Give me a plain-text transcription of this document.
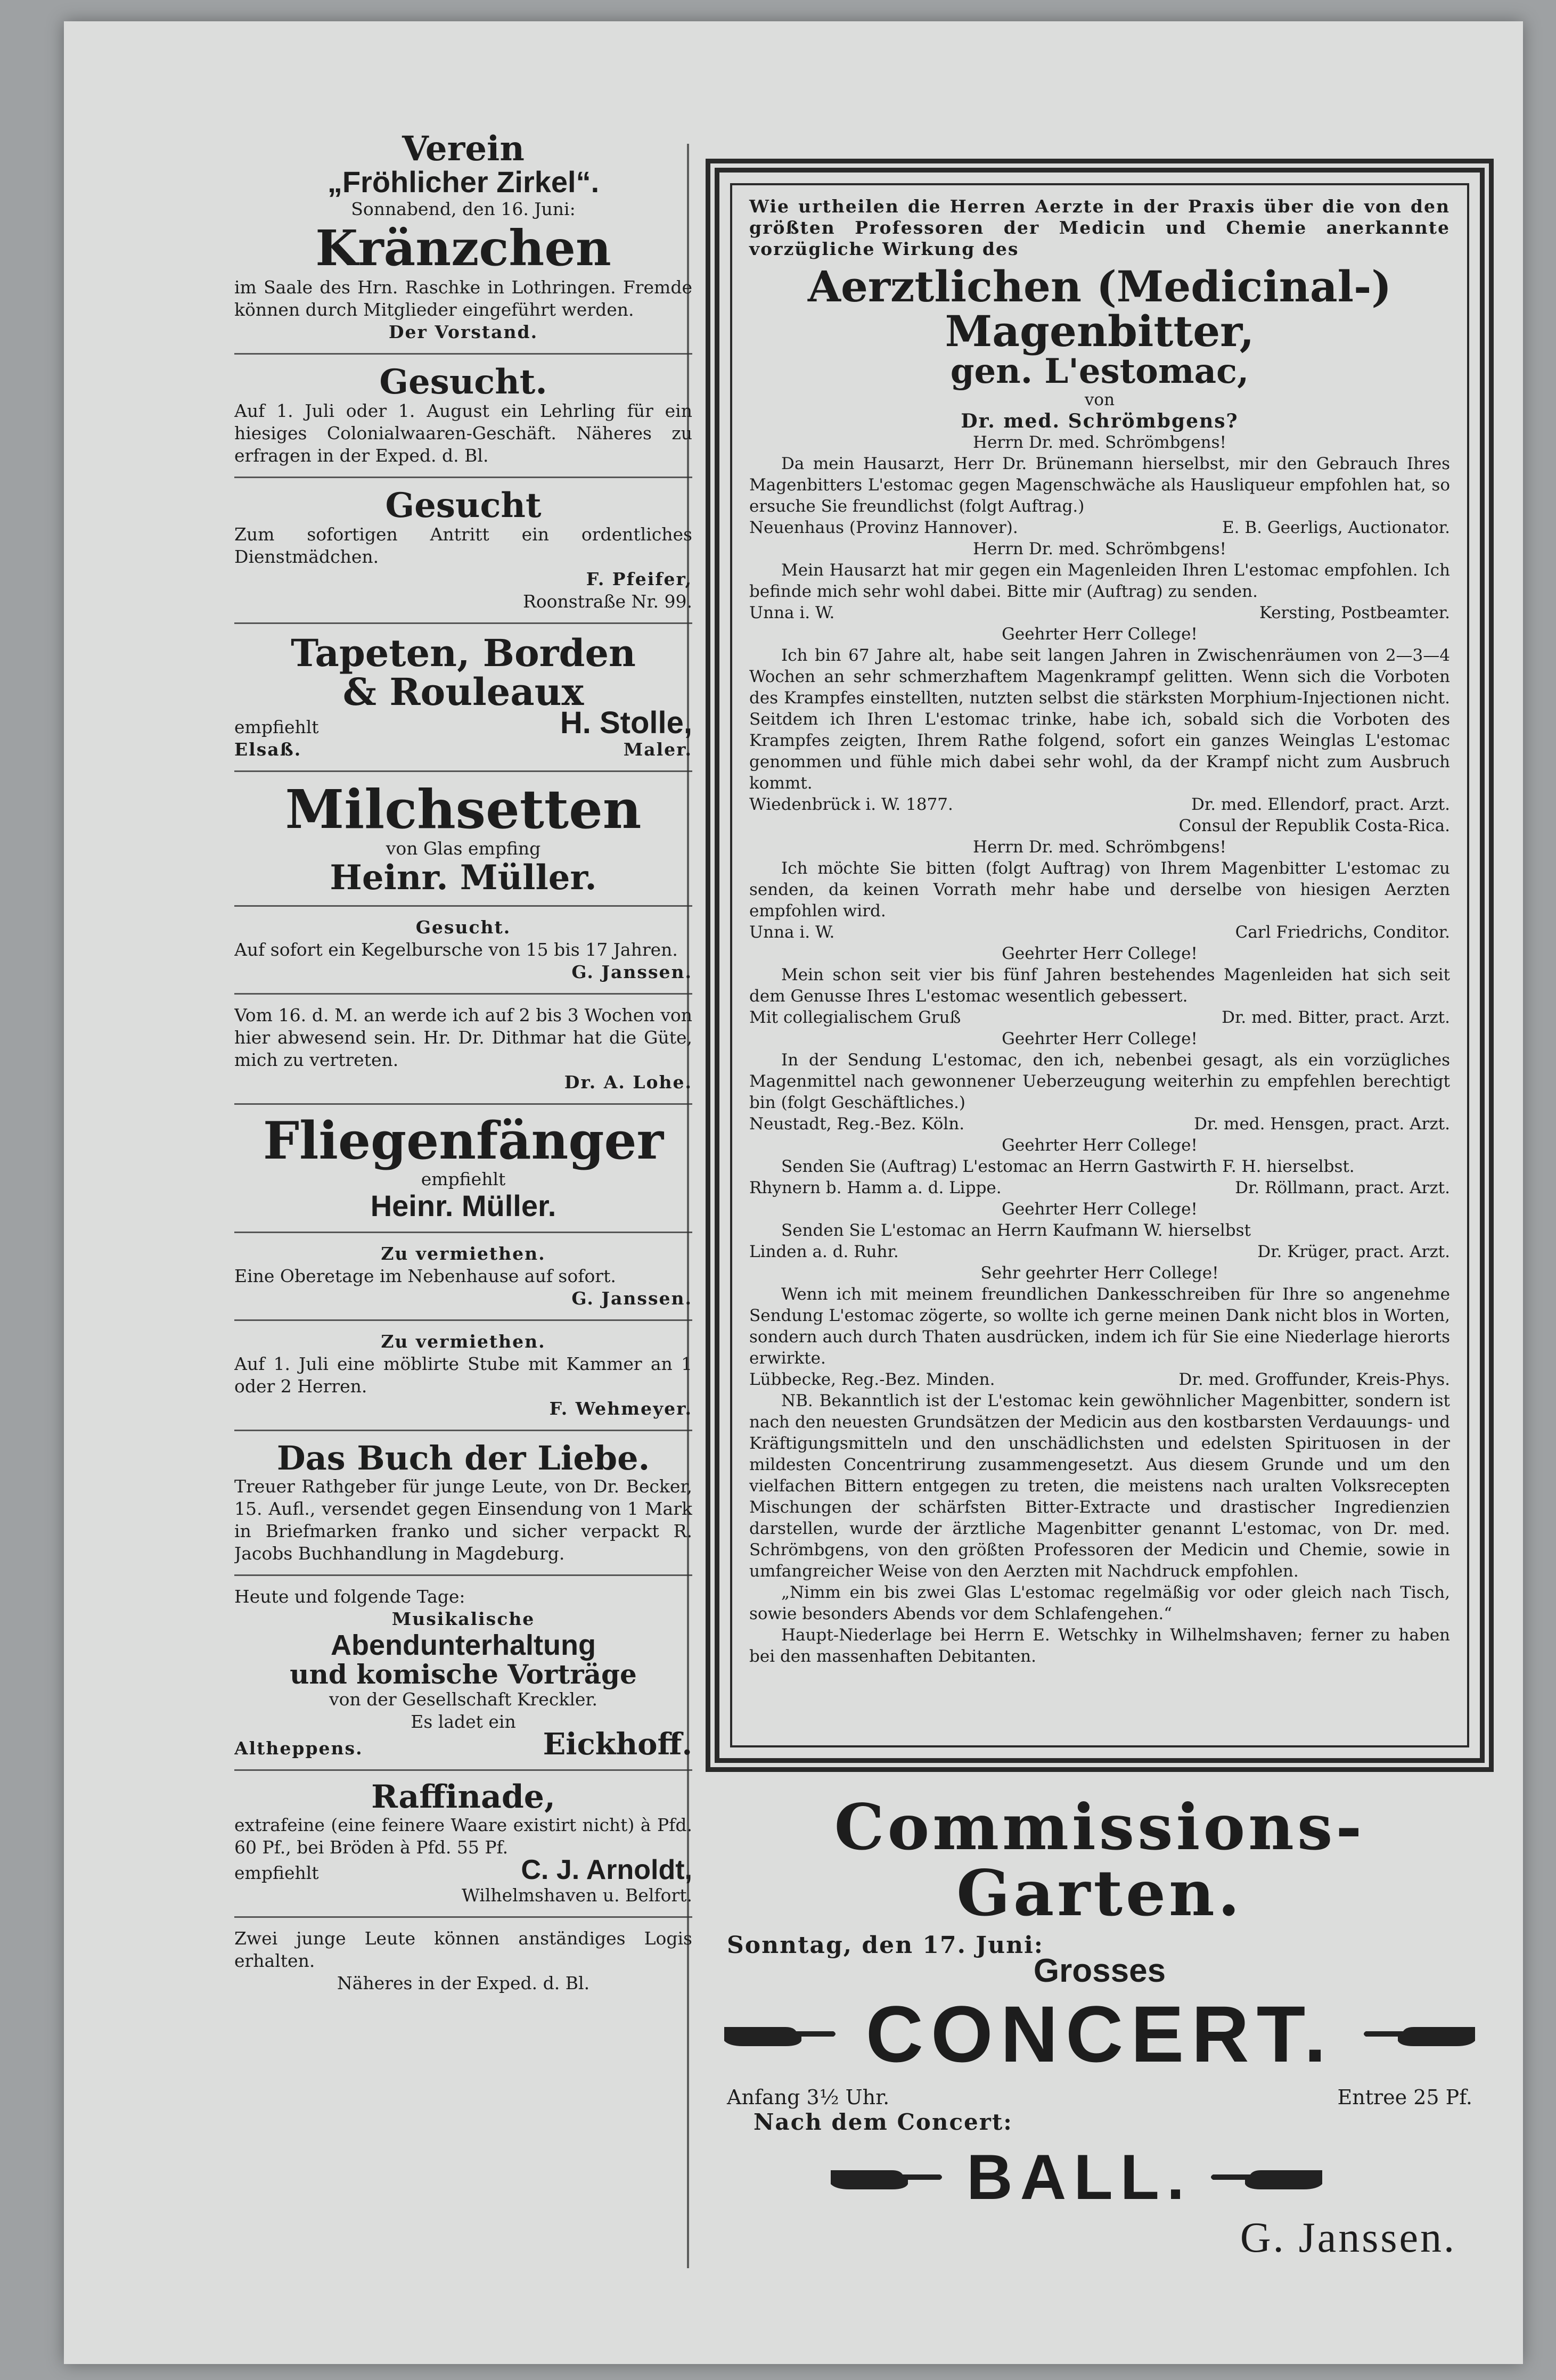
Verein
„Fröhlicher Zirkel“.
Sonnabend, den 16. Juni:
Kränzchen
im Saale des Hrn. Raschke in Lothringen. Fremde können durch Mitglieder eingeführt werden.
Der Vorstand.
Gesucht.
Auf 1. Juli oder 1. August ein Lehrling für ein hiesiges Colonialwaaren-Geschäft. Näheres zu erfragen in der Exped. d. Bl.
Gesucht
Zum sofortigen Antritt ein ordentliches Dienstmädchen.
F. Pfeifer,
Roonstraße Nr. 99.
Tapeten, Borden
& Rouleaux
empfiehlt	H. Stolle,
Elsaß.	Maler.
Milchsetten
von Glas empfing
Heinr. Müller.
Gesucht.
Auf sofort ein Kegelbursche von 15 bis 17 Jahren.
G. Janssen.
Vom 16. d. M. an werde ich auf 2 bis 3 Wochen von hier abwesend sein. Hr. Dr. Dithmar hat die Güte, mich zu vertreten.
Dr. A. Lohe.
Fliegenfänger
empfiehlt
Heinr. Müller.
Zu vermiethen.
Eine Oberetage im Nebenhause auf sofort.
G. Janssen.
Zu vermiethen.
Auf 1. Juli eine möblirte Stube mit Kammer an 1 oder 2 Herren.
F. Wehmeyer.
Das Buch der Liebe.
Treuer Rathgeber für junge Leute, von Dr. Becker, 15. Aufl., versendet gegen Einsendung von 1 Mark in Briefmarken franko und sicher verpackt R. Jacobs Buchhandlung in Magdeburg.
Heute und folgende Tage:
Musikalische
Abendunterhaltung
und komische Vorträge
von der Gesellschaft Kreckler.
Es ladet ein
Altheppens.	Eickhoff.
Raffinade,
extrafeine (eine feinere Waare existirt nicht) à Pfd. 60 Pf., bei Bröden à Pfd. 55 Pf.
empfiehlt	C. J. Arnoldt,
Wilhelmshaven u. Belfort.
Zwei junge Leute können anständiges Logis erhalten.
Näheres in der Exped. d. Bl.

Wie urtheilen die Herren Aerzte in der Praxis über die von den größten Professoren der Medicin und Chemie anerkannte vorzügliche Wirkung des

Aerztlichen (Medicinal-) Magenbitter,

gen. L'estomac,

von

Dr. med. Schrömbgens?

Herrn Dr. med. Schrömbgens!

Da mein Hausarzt, Herr Dr. Brünemann hierselbst, mir den Gebrauch Ihres Magenbitters L'estomac gegen Magenschwäche als Hausliqueur empfohlen hat, so ersuche Sie freundlichst (folgt Auftrag.)

Neuenhaus (Provinz Hannover).	E. B. Geerligs, Auctionator.

Herrn Dr. med. Schrömbgens!

Mein Hausarzt hat mir gegen ein Magenleiden Ihren L'estomac empfohlen. Ich befinde mich sehr wohl dabei. Bitte mir (Auftrag) zu senden.

Unna i. W.	Kersting, Postbeamter.

Geehrter Herr College!

Ich bin 67 Jahre alt, habe seit langen Jahren in Zwischenräumen von 2—3—4 Wochen an sehr schmerzhaftem Magenkrampf gelitten. Wenn sich die Vorboten des Krampfes einstellten, nutzten selbst die stärksten Morphium-Injectionen nicht. Seitdem ich Ihren L'estomac trinke, habe ich, sobald sich die Vorboten des Krampfes zeigten, Ihrem Rathe folgend, sofort ein ganzes Weinglas L'estomac genommen und fühle mich dabei sehr wohl, da der Krampf nicht zum Ausbruch kommt.

Wiedenbrück i. W. 1877.	Dr. med. Ellendorf, pract. Arzt.

Consul der Republik Costa-Rica.

Herrn Dr. med. Schrömbgens!

Ich möchte Sie bitten (folgt Auftrag) von Ihrem Magenbitter L'estomac zu senden, da keinen Vorrath mehr habe und derselbe von hiesigen Aerzten empfohlen wird.

Unna i. W.	Carl Friedrichs, Conditor.

Geehrter Herr College!

Mein schon seit vier bis fünf Jahren bestehendes Magenleiden hat sich seit dem Genusse Ihres L'estomac wesentlich gebessert.

Mit collegialischem Gruß	Dr. med. Bitter, pract. Arzt.

Geehrter Herr College!

In der Sendung L'estomac, den ich, nebenbei gesagt, als ein vorzügliches Magenmittel nach gewonnener Ueberzeugung weiterhin zu empfehlen berechtigt bin (folgt Geschäftliches.)

Neustadt, Reg.-Bez. Köln.	Dr. med. Hensgen, pract. Arzt.

Geehrter Herr College!

Senden Sie (Auftrag) L'estomac an Herrn Gastwirth F. H. hierselbst.

Rhynern b. Hamm a. d. Lippe.	Dr. Röllmann, pract. Arzt.

Geehrter Herr College!

Senden Sie L'estomac an Herrn Kaufmann W. hierselbst

Linden a. d. Ruhr.	Dr. Krüger, pract. Arzt.

Sehr geehrter Herr College!

Wenn ich mit meinem freundlichen Dankesschreiben für Ihre so angenehme Sendung L'estomac zögerte, so wollte ich gerne meinen Dank nicht blos in Worten, sondern auch durch Thaten ausdrücken, indem ich für Sie eine Niederlage hierorts erwirkte.

Lübbecke, Reg.-Bez. Minden.	Dr. med. Groffunder, Kreis-Phys.

NB. Bekanntlich ist der L'estomac kein gewöhnlicher Magenbitter, sondern ist nach den neuesten Grundsätzen der Medicin aus den kostbarsten Verdauungs- und Kräftigungsmitteln und den unschädlichsten und edelsten Spirituosen in der mildesten Concentrirung zusammengesetzt. Aus diesem Grunde und um den vielfachen Bittern entgegen zu treten, die meistens nach uralten Volksrecepten Mischungen der schärfsten Bitter-Extracte und drastischer Ingredienzien darstellen, wurde der ärztliche Magenbitter genannt L'estomac, von Dr. med. Schrömbgens, von den größten Professoren der Medicin und Chemie, sowie in umfangreicher Weise von den Aerzten mit Nachdruck empfohlen.

„Nimm ein bis zwei Glas L'estomac regelmäßig vor oder gleich nach Tisch, sowie besonders Abends vor dem Schlafengehen.“

Haupt-Niederlage bei Herrn E. Wetschky in Wilhelmshaven; ferner zu haben bei den massenhaften Debitanten.

Commissions-Garten.
Sonntag, den 17. Juni:
Grosses
CONCERT.
Anfang 3½ Uhr.	Entree 25 Pf.
Nach dem Concert:
BALL.
G. Janssen.
